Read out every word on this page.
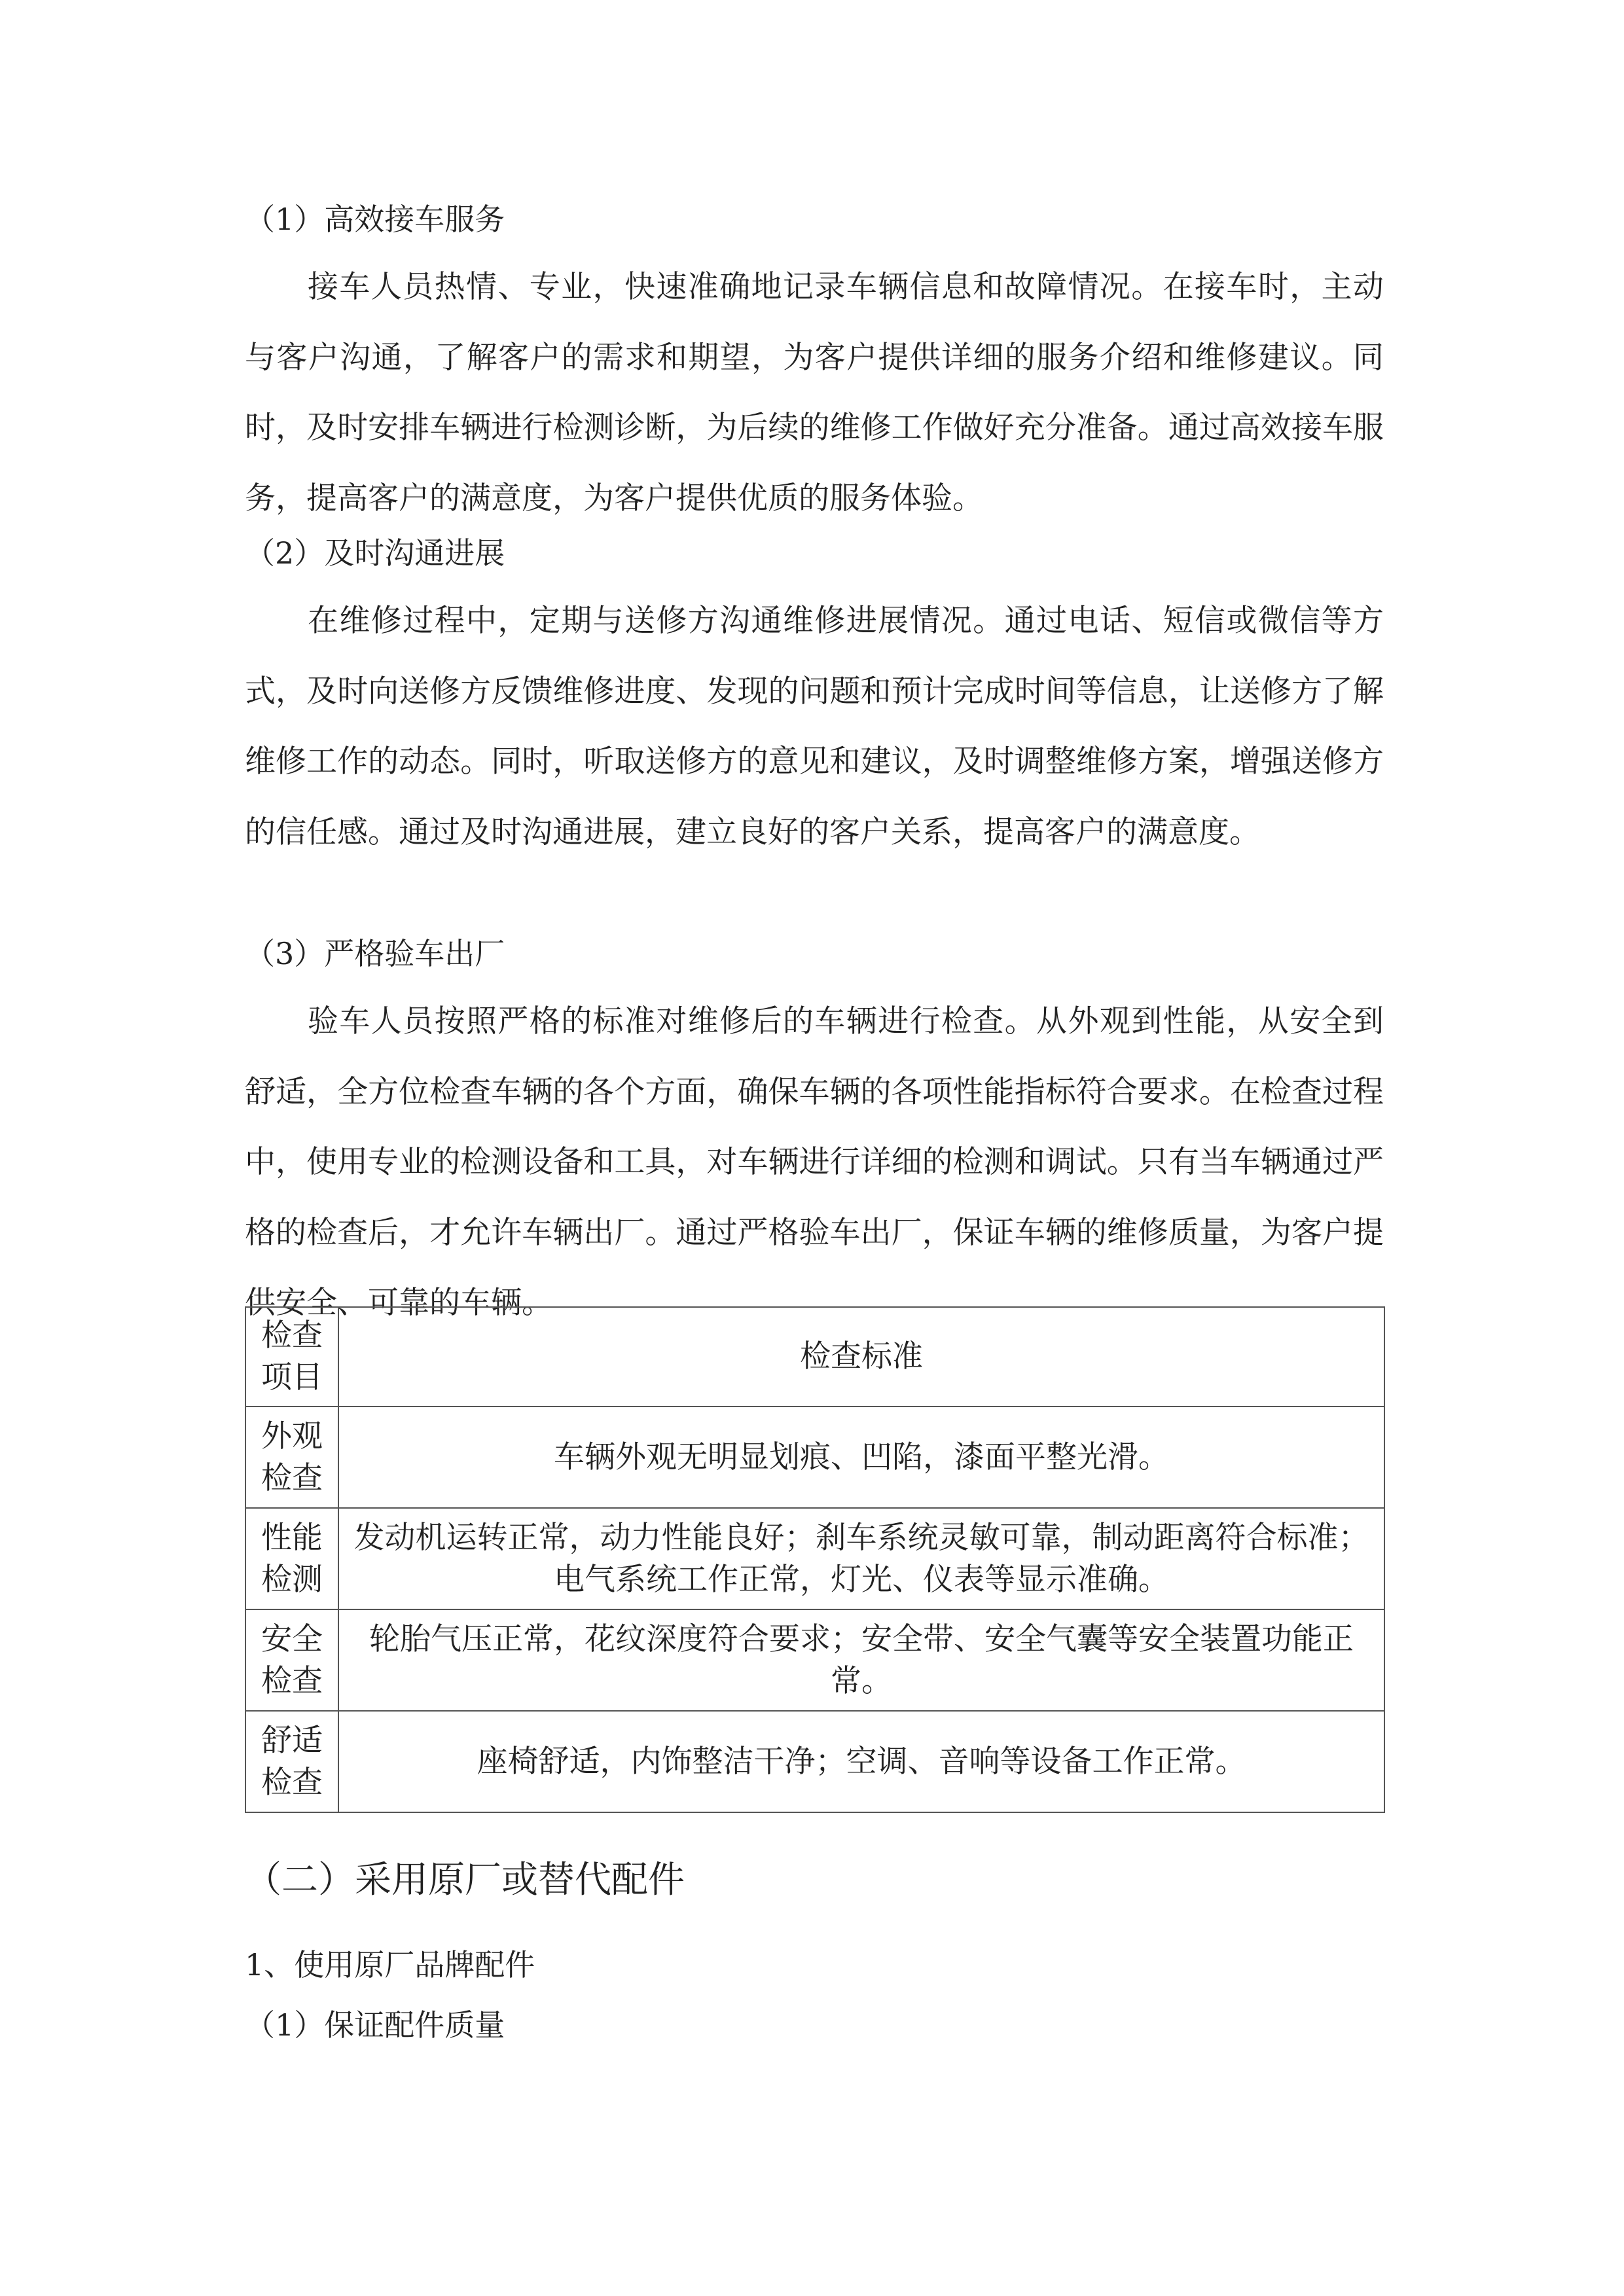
（1）高效接车服务

接车人员热情、专业，快速准确地记录车辆信息和故障情况。在接车时，主动与客户沟通，了解客户的需求和期望，为客户提供详细的服务介绍和维修建议。同时，及时安排车辆进行检测诊断，为后续的维修工作做好充分准备。通过高效接车服务，提高客户的满意度，为客户提供优质的服务体验。

（2）及时沟通进展

在维修过程中，定期与送修方沟通维修进展情况。通过电话、短信或微信等方式，及时向送修方反馈维修进度、发现的问题和预计完成时间等信息，让送修方了解维修工作的动态。同时，听取送修方的意见和建议，及时调整维修方案，增强送修方的信任感。通过及时沟通进展，建立良好的客户关系，提高客户的满意度。

（3）严格验车出厂

验车人员按照严格的标准对维修后的车辆进行检查。从外观到性能，从安全到舒适，全方位检查车辆的各个方面，确保车辆的各项性能指标符合要求。在检查过程中，使用专业的检测设备和工具，对车辆进行详细的检测和调试。只有当车辆通过严格的检查后，才允许车辆出厂。通过严格验车出厂，保证车辆的维修质量，为客户提供安全、可靠的车辆。

检查项目	检查标准
外观检查	车辆外观无明显划痕、凹陷，漆面平整光滑。
性能检测	发动机运转正常，动力性能良好；刹车系统灵敏可靠，制动距离符合标准；电气系统工作正常，灯光、仪表等显示准确。
安全检查	轮胎气压正常，花纹深度符合要求；安全带、安全气囊等安全装置功能正常。
舒适检查	座椅舒适，内饰整洁干净；空调、音响等设备工作正常。
（二）采用原厂或替代配件
1、使用原厂品牌配件
（1）保证配件质量
